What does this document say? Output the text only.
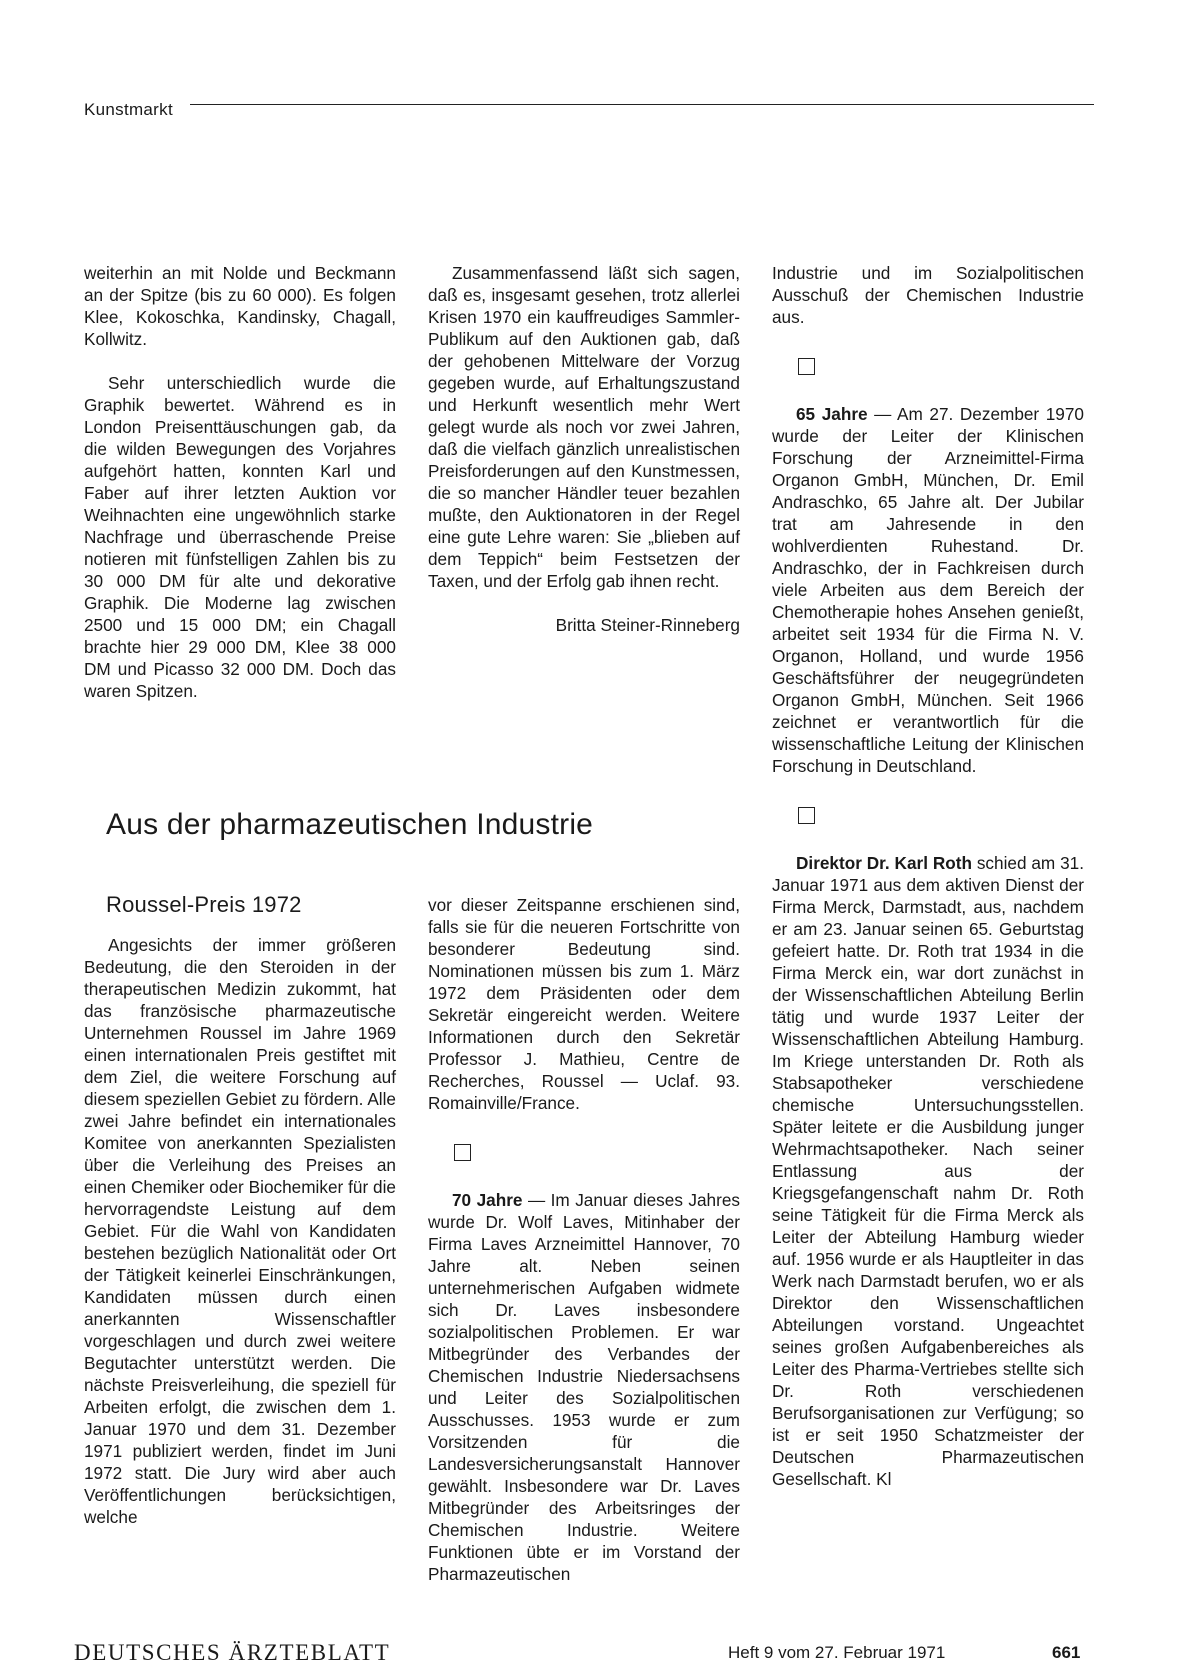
Kunstmarkt

weiterhin an mit Nolde und Beckmann an der Spitze (bis zu 60 000). Es folgen Klee, Kokoschka, Kandinsky, Chagall, Kollwitz.

Sehr unterschiedlich wurde die Graphik bewertet. Während es in London Preisenttäuschungen gab, da die wilden Bewegungen des Vorjahres aufgehört hatten, konnten Karl und Faber auf ihrer letzten Auktion vor Weihnachten eine ungewöhnlich starke Nachfrage und überraschende Preise notieren mit fünfstelligen Zahlen bis zu 30 000 DM für alte und dekorative Graphik. Die Moderne lag zwischen 2500 und 15 000 DM; ein Chagall brachte hier 29 000 DM, Klee 38 000 DM und Picasso 32 000 DM. Doch das waren Spitzen.

Zusammenfassend läßt sich sagen, daß es, insgesamt gesehen, trotz allerlei Krisen 1970 ein kauffreudiges Sammler-Publikum auf den Auktionen gab, daß der gehobenen Mittelware der Vorzug gegeben wurde, auf Erhaltungszustand und Herkunft wesentlich mehr Wert gelegt wurde als noch vor zwei Jahren, daß die vielfach gänzlich unrealistischen Preisforderungen auf den Kunstmessen, die so mancher Händler teuer bezahlen mußte, den Auktionatoren in der Regel eine gute Lehre waren: Sie „blieben auf dem Teppich“ beim Festsetzen der Taxen, und der Erfolg gab ihnen recht.

Britta Steiner-Rinneberg

Industrie und im Sozialpolitischen Ausschuß der Chemischen Industrie aus.

65 Jahre — Am 27. Dezember 1970 wurde der Leiter der Klinischen Forschung der Arzneimittel-Firma Organon GmbH, München, Dr. Emil Andraschko, 65 Jahre alt. Der Jubilar trat am Jahresende in den wohlverdienten Ruhestand. Dr. Andraschko, der in Fachkreisen durch viele Arbeiten aus dem Bereich der Chemotherapie hohes Ansehen genießt, arbeitet seit 1934 für die Firma N. V. Organon, Holland, und wurde 1956 Geschäftsführer der neugegründeten Organon GmbH, München. Seit 1966 zeichnet er verantwortlich für die wissenschaftliche Leitung der Klinischen Forschung in Deutschland.

Direktor Dr. Karl Roth schied am 31. Januar 1971 aus dem aktiven Dienst der Firma Merck, Darmstadt, aus, nachdem er am 23. Januar seinen 65. Geburtstag gefeiert hatte. Dr. Roth trat 1934 in die Firma Merck ein, war dort zunächst in der Wissenschaftlichen Abteilung Berlin tätig und wurde 1937 Leiter der Wissenschaftlichen Abteilung Hamburg. Im Kriege unterstanden Dr. Roth als Stabsapotheker verschiedene chemische Untersuchungsstellen. Später leitete er die Ausbildung junger Wehrmachtsapotheker. Nach seiner Entlassung aus der Kriegsgefangenschaft nahm Dr. Roth seine Tätigkeit für die Firma Merck als Leiter der Abteilung Hamburg wieder auf. 1956 wurde er als Hauptleiter in das Werk nach Darmstadt berufen, wo er als Direktor den Wissenschaftlichen Abteilungen vorstand. Ungeachtet seines großen Aufgabenbereiches als Leiter des Pharma-Vertriebes stellte sich Dr. Roth verschiedenen Berufsorganisationen zur Verfügung; so ist er seit 1950 Schatzmeister der Deutschen Pharmazeutischen Gesellschaft. Kl

Aus der pharmazeutischen Industrie
Roussel-Preis 1972

Angesichts der immer größeren Bedeutung, die den Steroiden in der therapeutischen Medizin zukommt, hat das französische pharmazeutische Unternehmen Roussel im Jahre 1969 einen internationalen Preis gestiftet mit dem Ziel, die weitere Forschung auf diesem speziellen Gebiet zu fördern. Alle zwei Jahre befindet ein internationales Komitee von anerkannten Spezialisten über die Verleihung des Preises an einen Chemiker oder Biochemiker für die hervorragendste Leistung auf dem Gebiet. Für die Wahl von Kandidaten bestehen bezüglich Nationalität oder Ort der Tätigkeit keinerlei Einschränkungen, Kandidaten müssen durch einen anerkannten Wissenschaftler vorgeschlagen und durch zwei weitere Begutachter unterstützt werden. Die nächste Preisverleihung, die speziell für Arbeiten erfolgt, die zwischen dem 1. Januar 1970 und dem 31. Dezember 1971 publiziert werden, findet im Juni 1972 statt. Die Jury wird aber auch Veröffentlichungen berücksichtigen, welche

vor dieser Zeitspanne erschienen sind, falls sie für die neueren Fortschritte von besonderer Bedeutung sind. Nominationen müssen bis zum 1. März 1972 dem Präsidenten oder dem Sekretär eingereicht werden. Weitere Informationen durch den Sekretär Professor J. Mathieu, Centre de Recherches, Roussel — Uclaf. 93. Romainville/France.

70 Jahre — Im Januar dieses Jahres wurde Dr. Wolf Laves, Mitinhaber der Firma Laves Arzneimittel Hannover, 70 Jahre alt. Neben seinen unternehmerischen Aufgaben widmete sich Dr. Laves insbesondere sozialpolitischen Problemen. Er war Mitbegründer des Verbandes der Chemischen Industrie Niedersachsens und Leiter des Sozialpolitischen Ausschusses. 1953 wurde er zum Vorsitzenden für die Landesversicherungsanstalt Hannover gewählt. Insbesondere war Dr. Laves Mitbegründer des Arbeitsringes der Chemischen Industrie. Weitere Funktionen übte er im Vorstand der Pharmazeutischen

DEUTSCHES ÄRZTEBLATT	Heft 9 vom 27. Februar 1971	661
